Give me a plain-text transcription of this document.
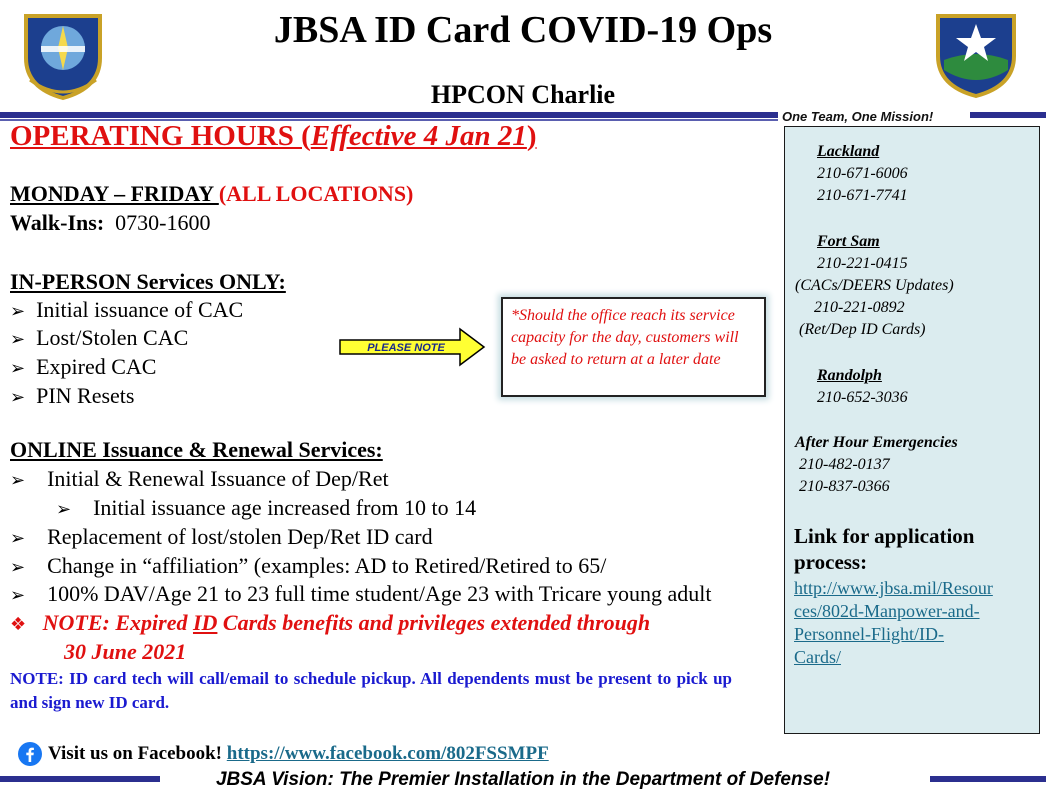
JBSA ID Card COVID-19 Ops
HPCON Charlie
One Team, One Mission!
OPERATING HOURS (Effective 4 Jan 21)
MONDAY – FRIDAY (ALL LOCATIONS)
Walk-Ins: 0730-1600
IN-PERSON Services ONLY:
➢ Initial issuance of CAC
➢ Lost/Stolen CAC
➢ Expired CAC
➢ PIN Resets
PLEASE NOTE
*Should the office reach its service capacity for the day, customers will be asked to return at a later date
ONLINE Issuance & Renewal Services:
➢ Initial & Renewal Issuance of Dep/Ret
➢ Initial issuance age increased from 10 to 14
➢ Replacement of lost/stolen Dep/Ret ID card
➢ Change in “affiliation” (examples: AD to Retired/Retired to 65/
➢ 100% DAV/Age 21 to 23 full time student/Age 23 with Tricare young adult
❖ NOTE: Expired ID Cards benefits and privileges extended through
30 June 2021
NOTE: ID card tech will call/email to schedule pickup. All dependents must be present to pick up and sign new ID card.
Lackland
210-671-6006
210-671-7741
Fort Sam
210-221-0415
(CACs/DEERS Updates)
210-221-0892
(Ret/Dep ID Cards)
Randolph
210-652-3036
After Hour Emergencies
210-482-0137
210-837-0366
Link for application process:
http://www.jbsa.mil/Resour
ces/802d-Manpower-and-
Personnel-Flight/ID-
Cards/
Visit us on Facebook! https://www.facebook.com/802FSSMPF
JBSA Vision: The Premier Installation in the Department of Defense!
